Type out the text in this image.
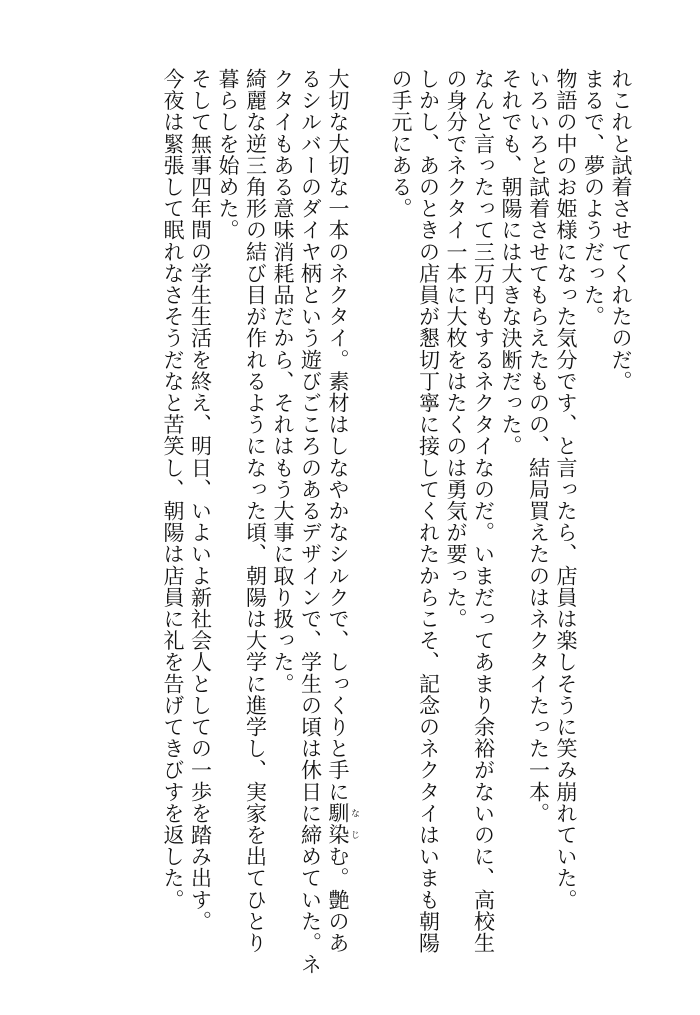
れこれと試着させてくれたのだ。
まるで、夢のようだった。
物語の中のお姫様になった気分です、と言ったら、店員は楽しそうに笑み崩れていた。
いろいろと試着させてもらえたものの、結局買えたのはネクタイたった一本。
それでも、朝陽には大きな決断だった。
なんと言ったって三万円もするネクタイなのだ。いまだってあまり余裕がないのに、高校生
の身分でネクタイ一本に大枚をはたくのは勇気が要った。
しかし、あのときの店員が懇切丁寧に接してくれたからこそ、記念のネクタイはいまも朝陽
の手元にある。
大切な大切な一本のネクタイ。素材はしなやかなシルクで、しっくりと手に馴染 なじむ。艶のあ
るシルバーのダイヤ柄という遊びごころのあるデザインで、学生の頃は休日に締めていた。ネ
クタイもある意味消耗品だから、それはもう大事に取り扱った。
綺麗な逆三角形の結び目が作れるようになった頃、朝陽は大学に進学し、実家を出てひとり
暮らしを始めた。
そして無事四年間の学生生活を終え、明日、いよいよ新社会人としての一歩を踏み出す。
今夜は緊張して眠れなさそうだなと苦笑し、朝陽は店員に礼を告げてきびすを返した。
